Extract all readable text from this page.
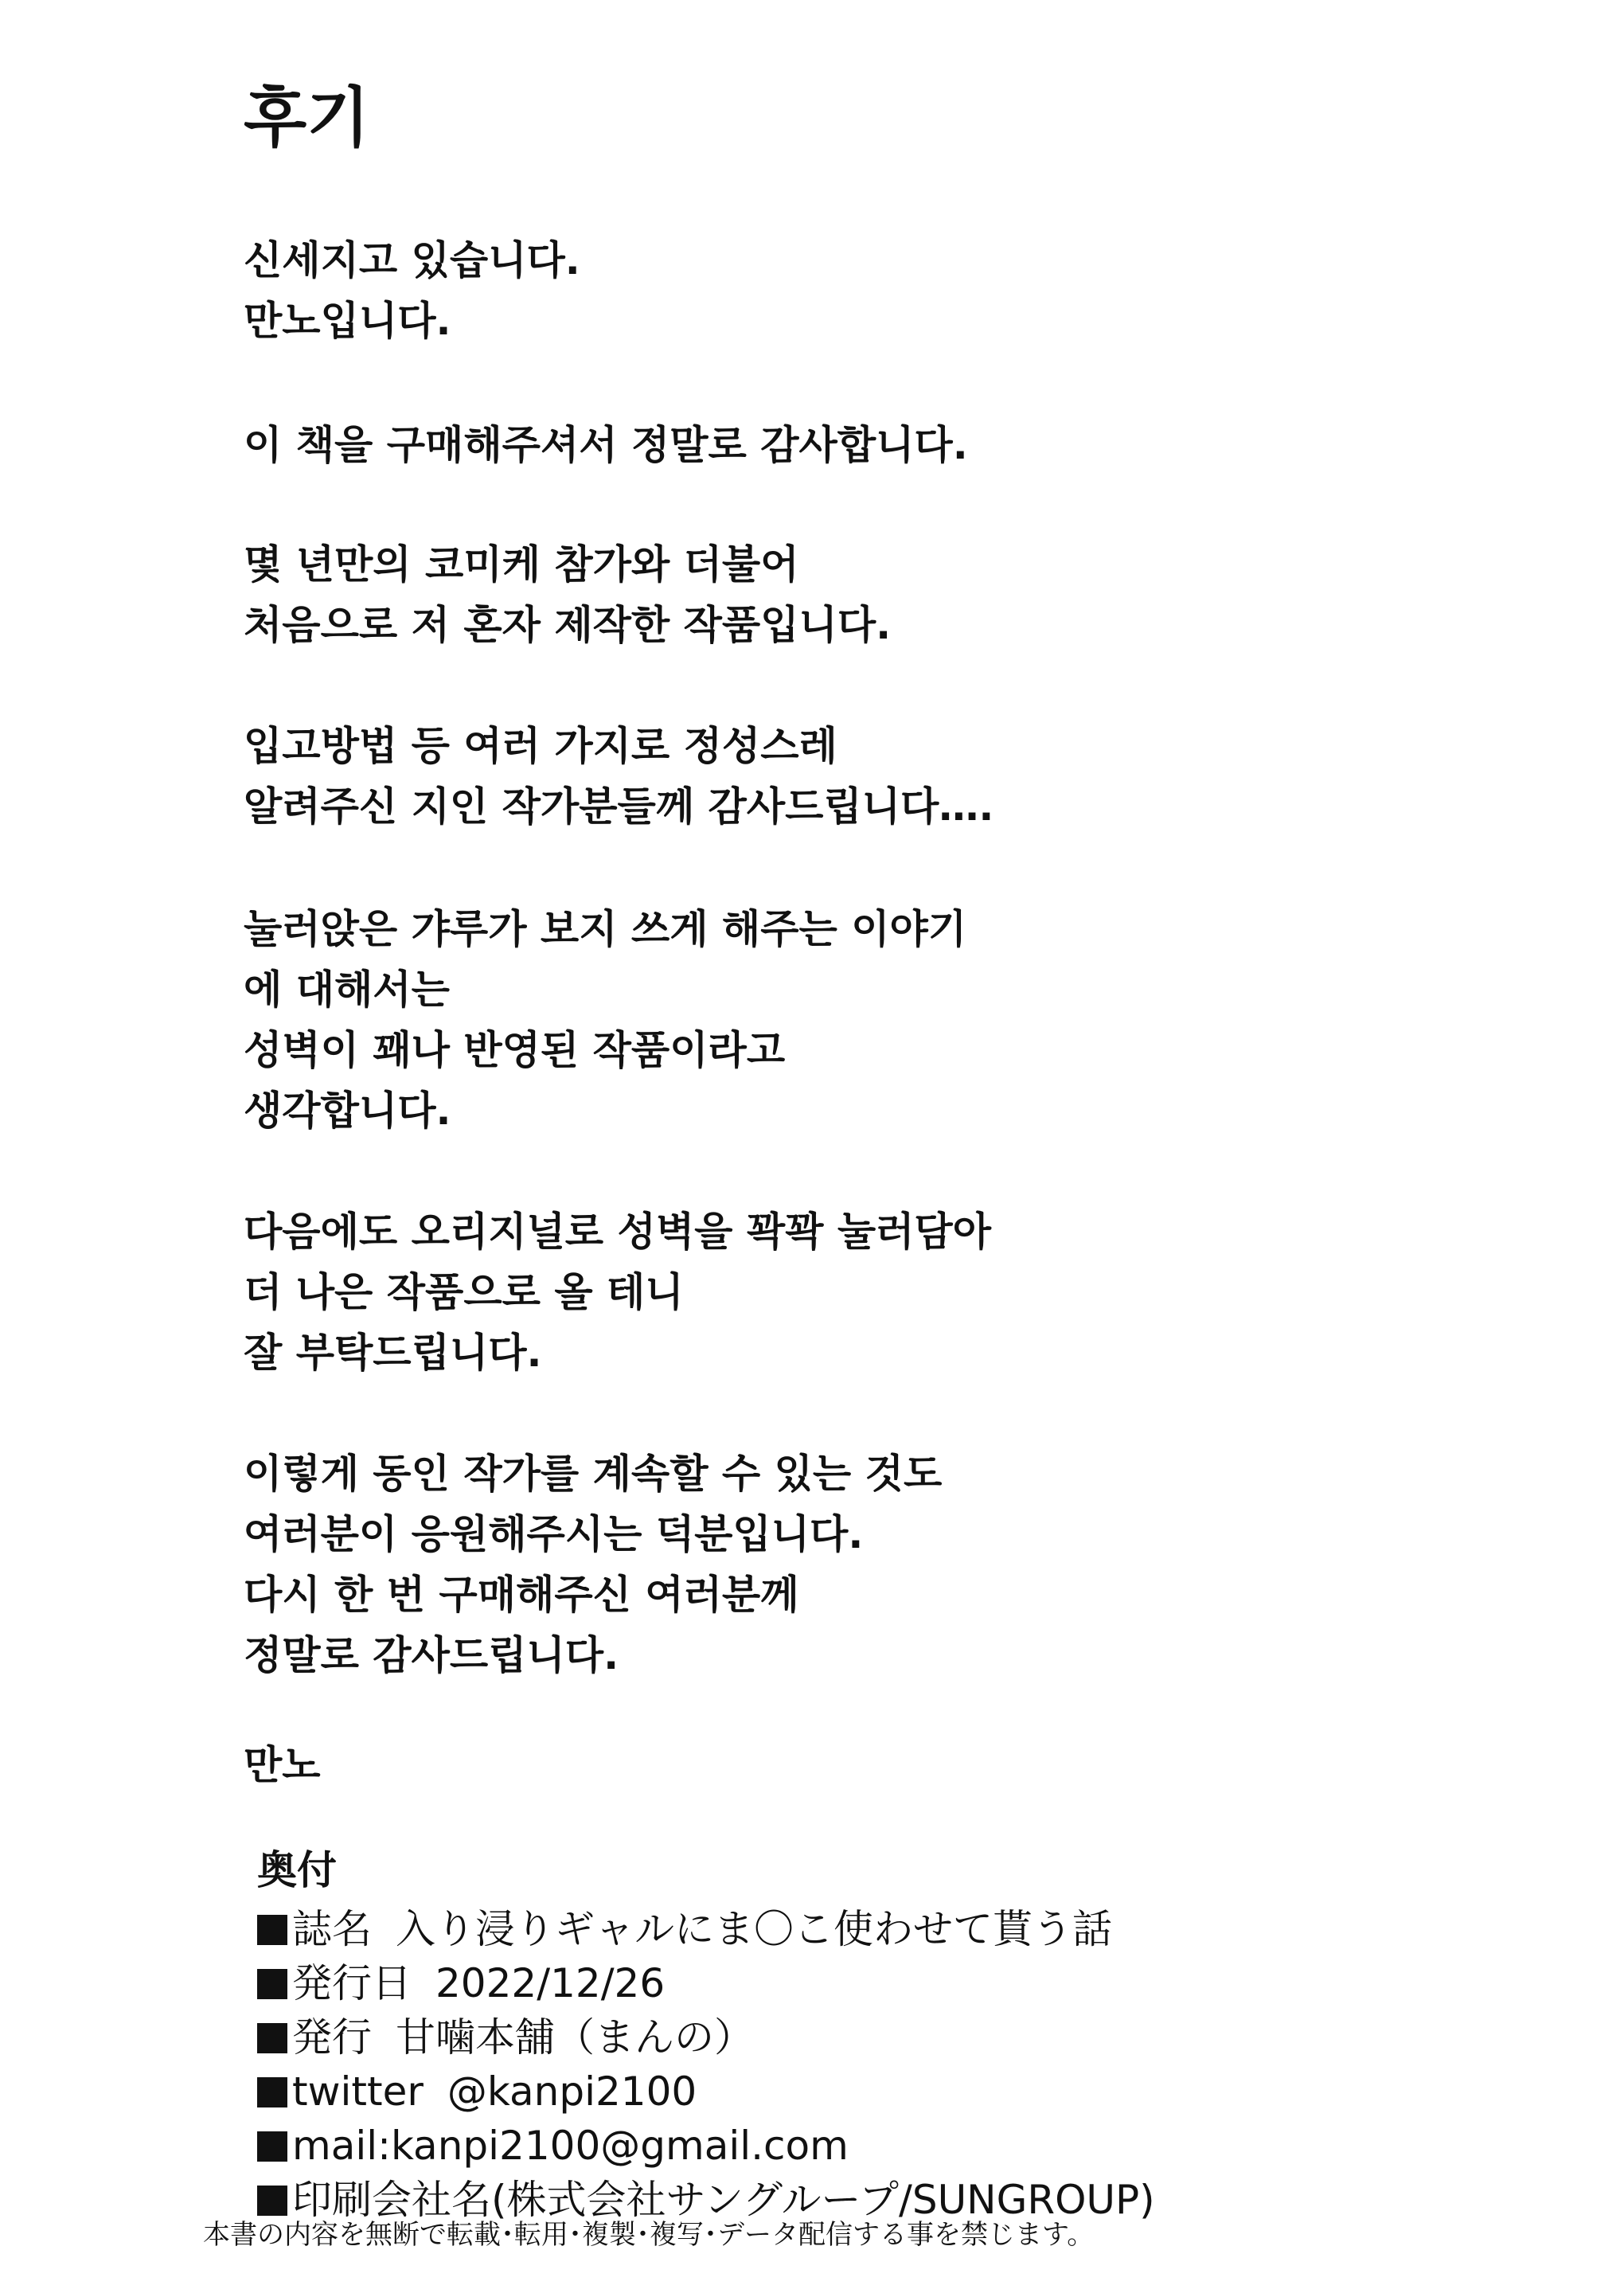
후기
신세지고 있습니다.
만노입니다.
이 책을 구매해주셔서 정말로 감사합니다.
몇 년만의 코미케 참가와 더불어
처음으로 저 혼자 제작한 작품입니다.
입고방법 등 여러 가지로 정성스레
알려주신 지인 작가분들께 감사드립니다….
눌러앉은 갸루가 보지 쓰게 해주는 이야기
에 대해서는
성벽이 꽤나 반영된 작품이라고
생각합니다.
다음에도 오리지널로 성벽을 꽉꽉 눌러담아
더 나은 작품으로 올 테니
잘 부탁드립니다.
이렇게 동인 작가를 계속할 수 있는 것도
여러분이 응원해주시는 덕분입니다.
다시 한 번 구매해주신 여러분께
정말로 감사드립니다.
만노
奥付
誌名 入り浸りギャルにま〇こ使わせて貰う話
発行日 2022/12/26
発行 甘噛本舗（まんの）
twitter @kanpi2100
mail:kanpi2100@gmail.com
印刷会社名(株式会社サングループ/SUNGROUP)
本書の内容を無断で転載･転用･複製･複写･データ配信する事を禁じます。
